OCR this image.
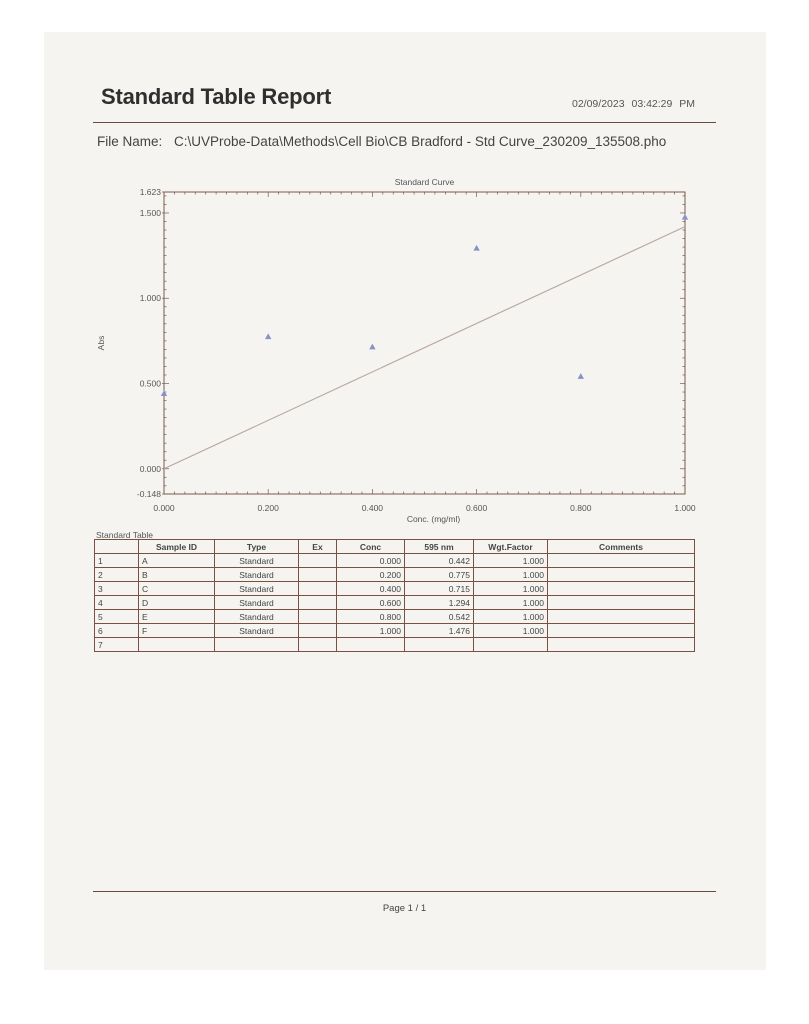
Standard Table Report	02/09/2023 03:42:29 PM
File Name: C:\UVProbe-Data\Methods\Cell Bio\CB Bradford - Std Curve_230209_135508.pho
Standard Curve
Conc. (mg/ml)
Abs
0.000	0.200	0.400	0.600	0.800	1.000
-0.148
0.000
0.500
1.000
1.500
1.623
Standard Table
	Sample ID	Type	Ex	Conc	595 nm	Wgt.Factor	Comments
1	A	Standard		0.000	0.442	1.000	
2	B	Standard		0.200	0.775	1.000	
3	C	Standard		0.400	0.715	1.000	
4	D	Standard		0.600	1.294	1.000	
5	E	Standard		0.800	0.542	1.000	
6	F	Standard		1.000	1.476	1.000	
7							
Page 1 / 1
